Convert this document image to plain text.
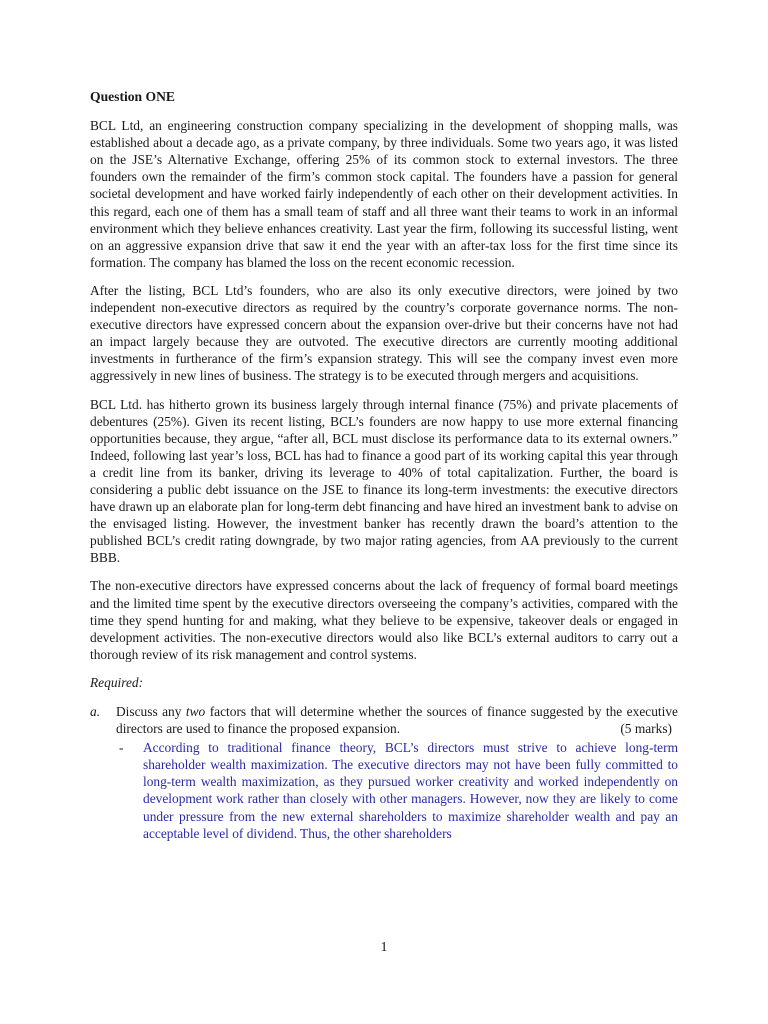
Question ONE

BCL Ltd, an engineering construction company specializing in the development of shopping malls, was established about a decade ago, as a private company, by three individuals. Some two years ago, it was listed on the JSE’s Alternative Exchange, offering 25% of its common stock to external investors. The three founders own the remainder of the firm’s common stock capital. The founders have a passion for general societal development and have worked fairly independently of each other on their development activities. In this regard, each one of them has a small team of staff and all three want their teams to work in an informal environment which they believe enhances creativity. Last year the firm, following its successful listing, went on an aggressive expansion drive that saw it end the year with an after-tax loss for the first time since its formation. The company has blamed the loss on the recent economic recession.

After the listing, BCL Ltd’s founders, who are also its only executive directors, were joined by two independent non-executive directors as required by the country’s corporate governance norms. The non-executive directors have expressed concern about the expansion over-drive but their concerns have not had an impact largely because they are outvoted. The executive directors are currently mooting additional investments in furtherance of the firm’s expansion strategy. This will see the company invest even more aggressively in new lines of business. The strategy is to be executed through mergers and acquisitions.

BCL Ltd. has hitherto grown its business largely through internal finance (75%) and private placements of debentures (25%). Given its recent listing, BCL’s founders are now happy to use more external financing opportunities because, they argue, “after all, BCL must disclose its performance data to its external owners.” Indeed, following last year’s loss, BCL has had to finance a good part of its working capital this year through a credit line from its banker, driving its leverage to 40% of total capitalization. Further, the board is considering a public debt issuance on the JSE to finance its long-term investments: the executive directors have drawn up an elaborate plan for long-term debt financing and have hired an investment bank to advise on the envisaged listing. However, the investment banker has recently drawn the board’s attention to the published BCL’s credit rating downgrade, by two major rating agencies, from AA previously to the current BBB.

The non-executive directors have expressed concerns about the lack of frequency of formal board meetings and the limited time spent by the executive directors overseeing the company’s activities, compared with the time they spend hunting for and making, what they believe to be expensive, takeover deals or engaged in development activities. The non-executive directors would also like BCL’s external auditors to carry out a thorough review of its risk management and control systems.

Required:
a.	Discuss any two factors that will determine whether the sources of finance suggested by the executive directors are used to finance the proposed expansion.	(5 marks)
-	According to traditional finance theory, BCL’s directors must strive to achieve long-term shareholder wealth maximization. The executive directors may not have been fully committed to long-term wealth maximization, as they pursued worker creativity and worked independently on development work rather than closely with other managers. However, now they are likely to come under pressure from the new external shareholders to maximize shareholder wealth and pay an acceptable level of dividend. Thus, the other shareholders
1
